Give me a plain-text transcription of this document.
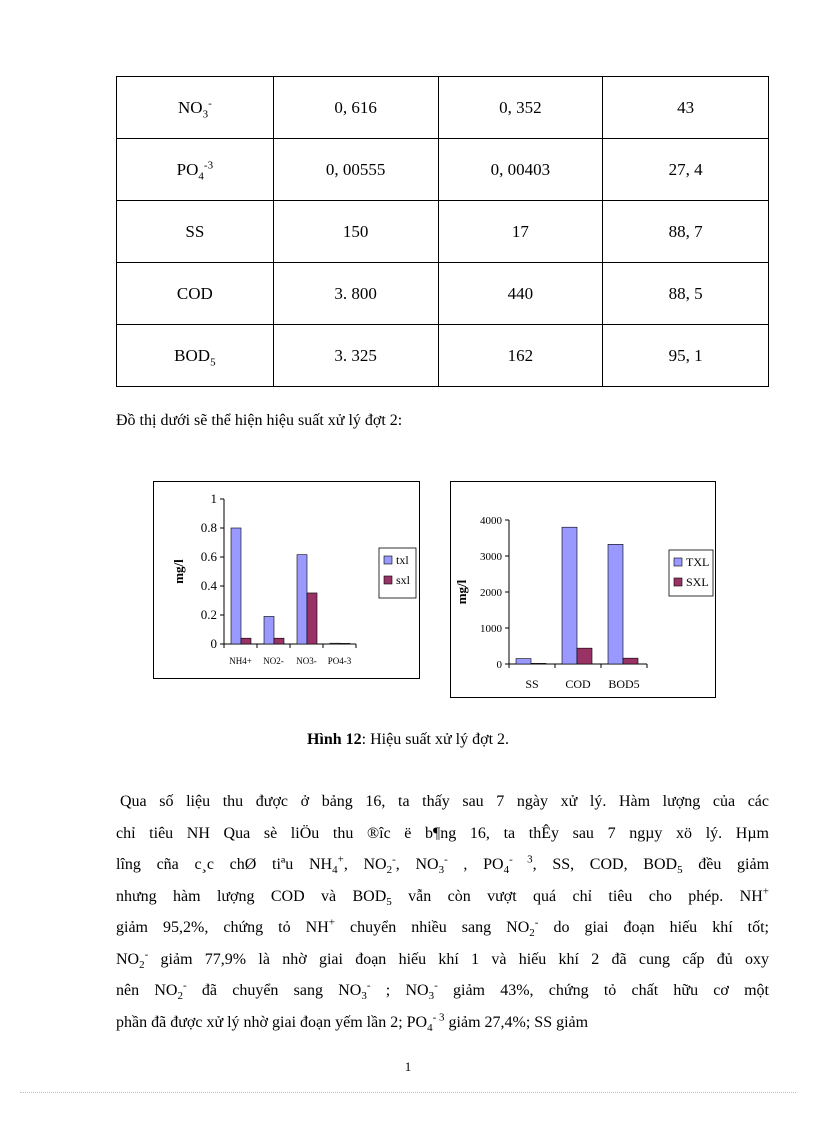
$NO_3^-$	0, 616	0, 352	43
$PO_4^{-3}$	0, 00555	0, 00403	27, 4
SS	150	17	88, 7
COD	3. 800	440	88, 5
$BOD_5$	3. 325	162	95, 1
Đồ thị dưới sẽ thể hiện hiệu suất xử lý đợt 2:
1
0.8
0.6
0.4
0.2
0
mg/l
NH4+ NO2- NO3- PO4-3
txl
sxl
4000
3000
2000
1000
0
mg/l
SS COD BOD5
TXL
SXL
Hình 12: Hiệu suất xử lý đợt 2.
Qua số liệu thu được ở bảng 16, ta thấy sau 7 ngày xử lý. Hàm lượng của các
chỉ tiêu NH Qua sè liÖu thu ®îc ë b¶ng 16, ta thÊy sau 7 ngµy xö lý. Hµm
lîng cña c¸c chØ tiªu $NH_4^+$, $NO_2^-$, $NO_3^-$ , $PO_4^{- 3}$, SS, COD, $BOD_5$ đều giảm
nhưng hàm lượng COD và $BOD_5$ vẫn còn vượt quá chỉ tiêu cho phép. NH+
giảm 95,2%, chứng tỏ NH+ chuyển nhiều sang $NO_2^-$ do giai đoạn hiếu khí tốt;
$NO_2^-$ giảm 77,9% là nhờ giai đoạn hiếu khí 1 và hiếu khí 2 đã cung cấp đủ oxy
nên $NO_2^-$ đã chuyển sang $NO_3^-$ ; $NO_3^-$ giảm 43%, chứng tỏ chất hữu cơ một
phần đã được xử lý nhờ giai đoạn yếm lần 2; $PO_4^{- 3}$ giảm 27,4%; SS giảm
1
